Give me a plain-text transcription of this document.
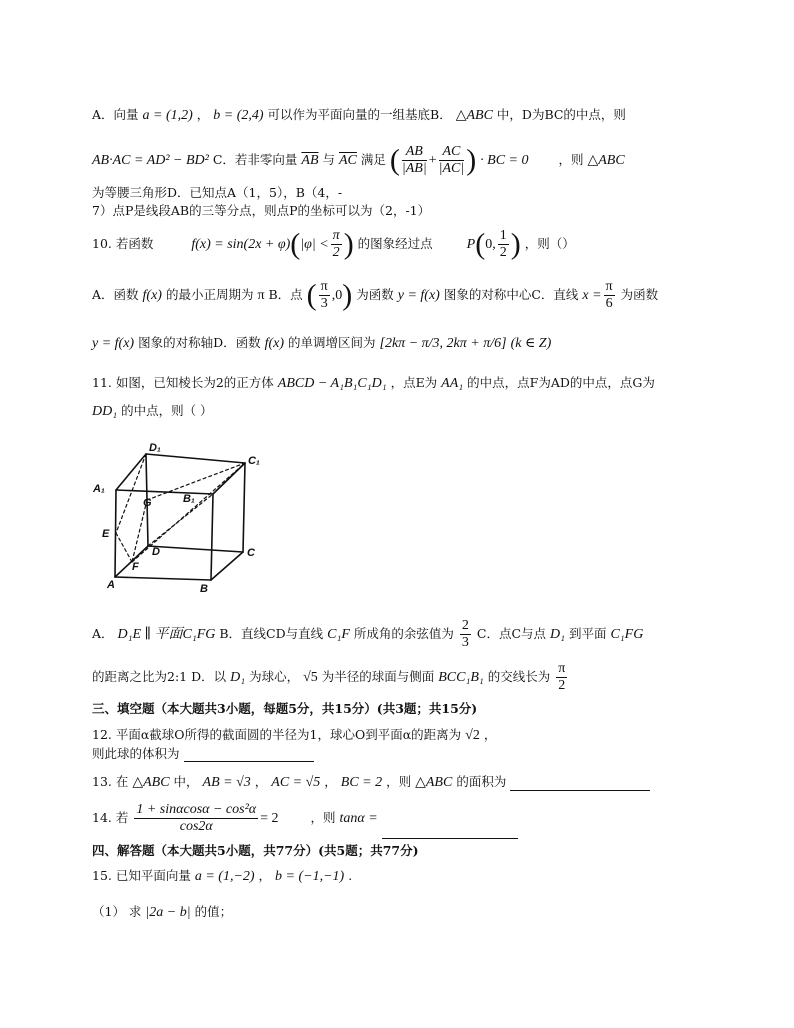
A．向量 a = (1,2) ， b = (2,4) 可以作为平面向量的一组基底B． △ABC 中，D为BC的中点，则
AB·AC = AD² − BD² C．若非零向量 $\overline{AB}$ 与 $\overline{AC}$ 满足 ( $\frac{AB}{|AB|} + \frac{AC}{|AC|}$ ) · BC = 0 ，则 △ABC
为等腰三角形D．已知点A（1，5），B（4，-
7）点P是线段AB的三等分点，则点P的坐标可以为（2，-1）
10. 若函数	$f(x) = \sin(2x + \varphi)(|\varphi| < \frac{\pi}{2}$ ) 的图象经过点 P(0, $\frac{1}{2}$ ) ，则（）
A．函数 f(x) 的最小正周期为 π B．点 ( $\frac{\pi}{3} ,0$) 为函数 y = f(x) 图象的对称中心C．直线 $x = \frac{\pi}{6}$ 为函数
y = f(x) 图象的对称轴D．函数 f(x) 的单调增区间为 [2kπ − π/3, 2kπ + π/6] (k ∈ Z)
11. 如图，已知棱长为2的正方体 ABCD − A₁B₁C₁D₁ ，点E为 AA₁ 的中点，点F为AD的中点，点G为
DD₁ 的中点，则（ ）
D₁
C₁
A₁
G	B₁
E
D	C
F
A	B
A． D₁E ∥ 平面C₁FG B．直线CD与直线 C₁F 所成角的余弦值为 $\frac{2}{3}$ C．点C与点 D₁ 到平面 C₁FG
的距离之比为2:1 D．以 D₁ 为球心， √5 为半径的球面与侧面 BCC₁B₁ 的交线长为 $\frac{\pi}{2}$
三、填空题（本大题共3小题，每题5分，共15分）(共3题；共15分)
12. 平面α截球O所得的截面圆的半径为1，球心O到平面α的距离为 √2 ，
则此球的体积为
13. 在 △ABC 中， AB = √3 ， AC = √5 ， BC = 2 ，则 △ABC 的面积为
14. 若 $\frac{\text{1 + sinαcosα − cos²α}}{\cos 2\alpha} = 2$	，则 tanα =
四、解答题（本大题共5小题，共77分）(共5题；共77分)
15. 已知平面向量 a = (1,−2) ， b = (−1,−1) .
（1） 求 |2a − b| 的值；
